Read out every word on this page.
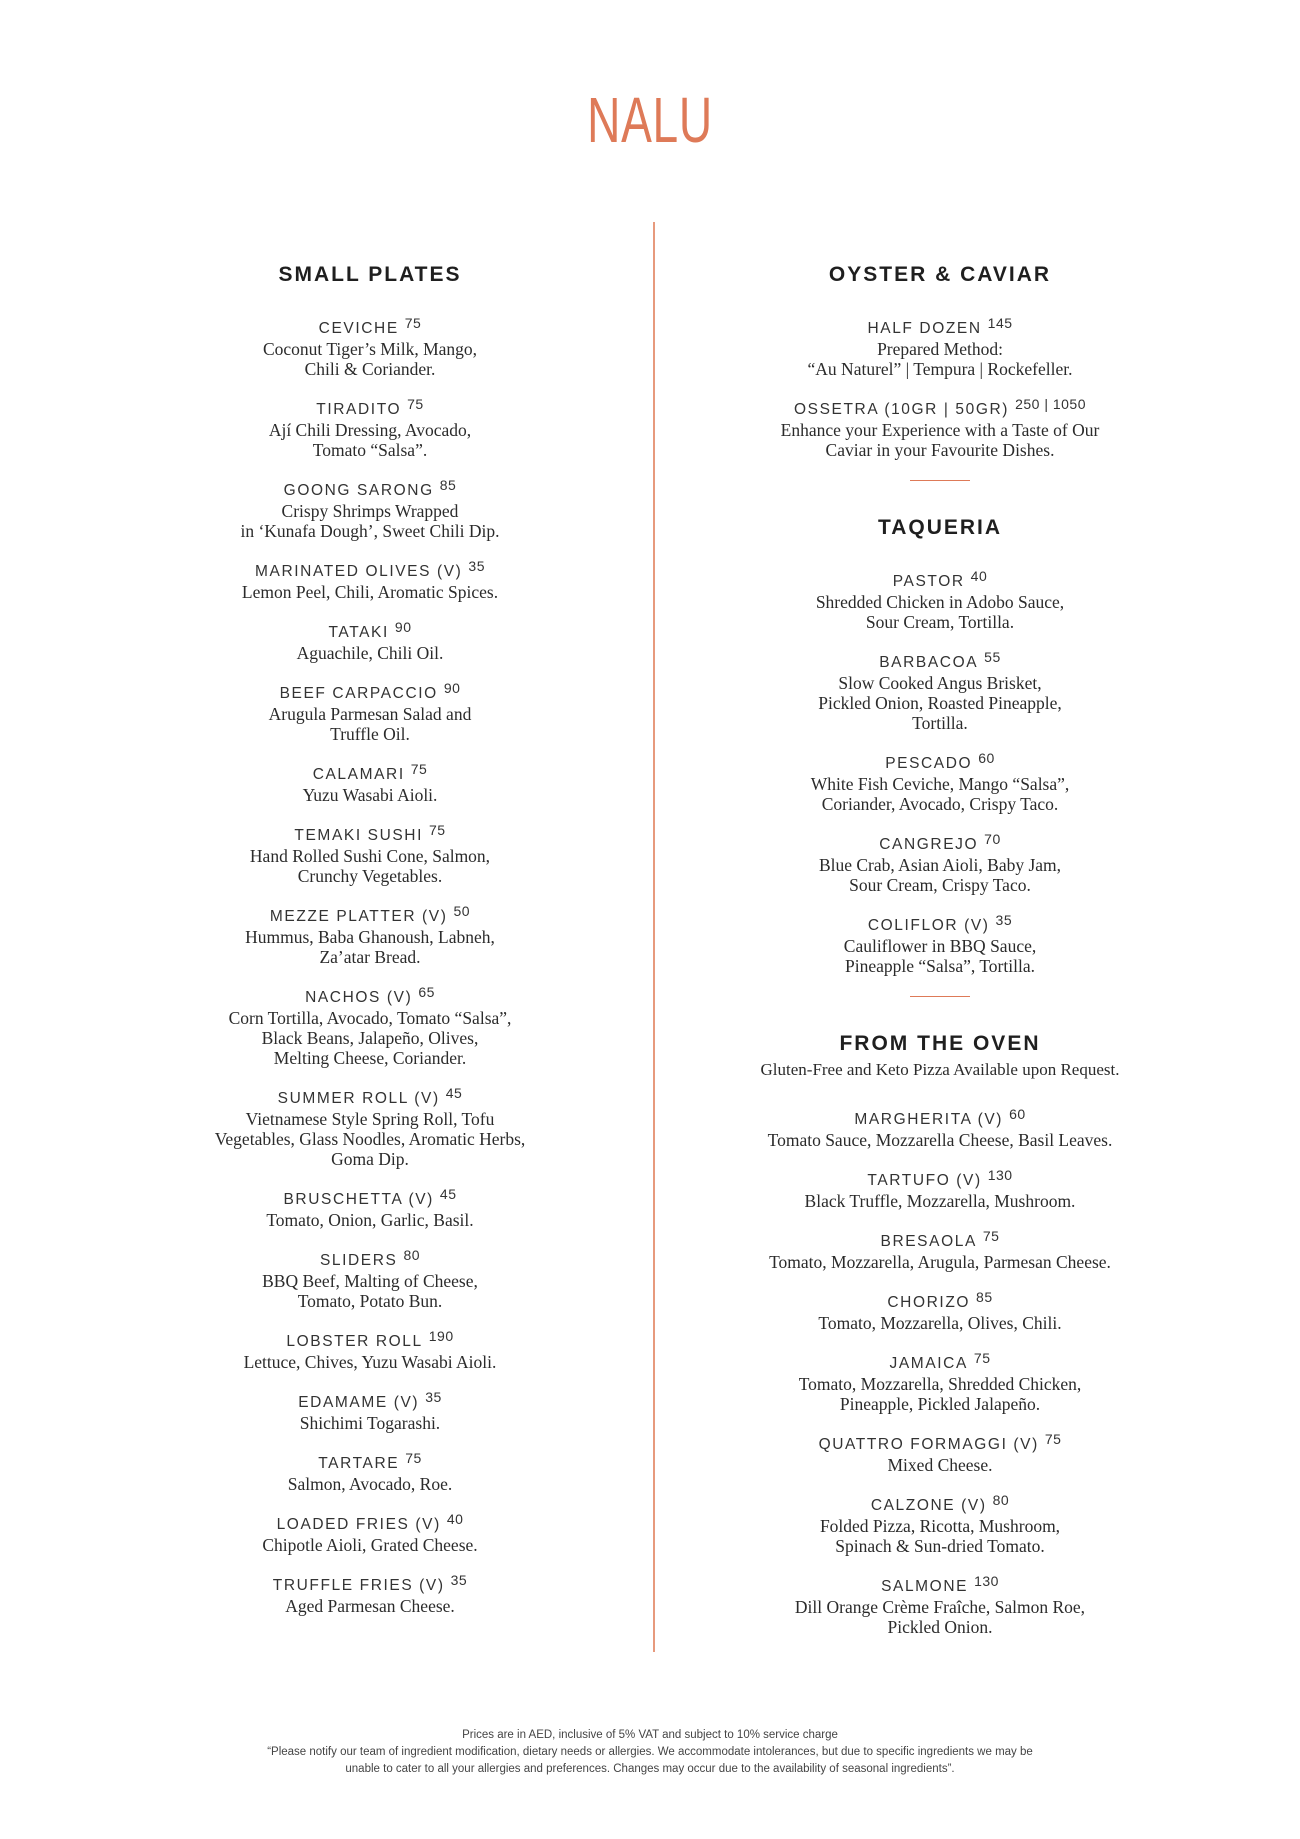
NALU
SMALL PLATES
CEVICHE 75
Coconut Tiger’s Milk, Mango,
Chili & Coriander.
TIRADITO 75
Ají Chili Dressing, Avocado,
Tomato “Salsa”.
GOONG SARONG 85
Crispy Shrimps Wrapped
in ‘Kunafa Dough’, Sweet Chili Dip.
MARINATED OLIVES (V) 35
Lemon Peel, Chili, Aromatic Spices.
TATAKI 90
Aguachile, Chili Oil.
BEEF CARPACCIO 90
Arugula Parmesan Salad and
Truffle Oil.
CALAMARI 75
Yuzu Wasabi Aioli.
TEMAKI SUSHI 75
Hand Rolled Sushi Cone, Salmon,
Crunchy Vegetables.
MEZZE PLATTER (V) 50
Hummus, Baba Ghanoush, Labneh,
Za’atar Bread.
NACHOS (V) 65
Corn Tortilla, Avocado, Tomato “Salsa”,
Black Beans, Jalapeño, Olives,
Melting Cheese, Coriander.
SUMMER ROLL (V) 45
Vietnamese Style Spring Roll, Tofu
Vegetables, Glass Noodles, Aromatic Herbs,
Goma Dip.
BRUSCHETTA (V) 45
Tomato, Onion, Garlic, Basil.
SLIDERS 80
BBQ Beef, Malting of Cheese,
Tomato, Potato Bun.
LOBSTER ROLL 190
Lettuce, Chives, Yuzu Wasabi Aioli.
EDAMAME (V) 35
Shichimi Togarashi.
TARTARE 75
Salmon, Avocado, Roe.
LOADED FRIES (V) 40
Chipotle Aioli, Grated Cheese.
TRUFFLE FRIES (V) 35
Aged Parmesan Cheese.
OYSTER & CAVIAR
HALF DOZEN 145
Prepared Method:
“Au Naturel” | Tempura | Rockefeller.
OSSETRA (10GR | 50GR) 250 | 1050
Enhance your Experience with a Taste of Our
Caviar in your Favourite Dishes.
TAQUERIA
PASTOR 40
Shredded Chicken in Adobo Sauce,
Sour Cream, Tortilla.
BARBACOA 55
Slow Cooked Angus Brisket,
Pickled Onion, Roasted Pineapple,
Tortilla.
PESCADO 60
White Fish Ceviche, Mango “Salsa”,
Coriander, Avocado, Crispy Taco.
CANGREJO 70
Blue Crab, Asian Aioli, Baby Jam,
Sour Cream, Crispy Taco.
COLIFLOR (V) 35
Cauliflower in BBQ Sauce,
Pineapple “Salsa”, Tortilla.
FROM THE OVEN
Gluten-Free and Keto Pizza Available upon Request.
MARGHERITA (V) 60
Tomato Sauce, Mozzarella Cheese, Basil Leaves.
TARTUFO (V) 130
Black Truffle, Mozzarella, Mushroom.
BRESAOLA 75
Tomato, Mozzarella, Arugula, Parmesan Cheese.
CHORIZO 85
Tomato, Mozzarella, Olives, Chili.
JAMAICA 75
Tomato, Mozzarella, Shredded Chicken,
Pineapple, Pickled Jalapeño.
QUATTRO FORMAGGI (V) 75
Mixed Cheese.
CALZONE (V) 80
Folded Pizza, Ricotta, Mushroom,
Spinach & Sun-dried Tomato.
SALMONE 130
Dill Orange Crème Fraîche, Salmon Roe,
Pickled Onion.
Prices are in AED, inclusive of 5% VAT and subject to 10% service charge
“Please notify our team of ingredient modification, dietary needs or allergies. We accommodate intolerances, but due to specific ingredients we may be
unable to cater to all your allergies and preferences. Changes may occur due to the availability of seasonal ingredients”.
